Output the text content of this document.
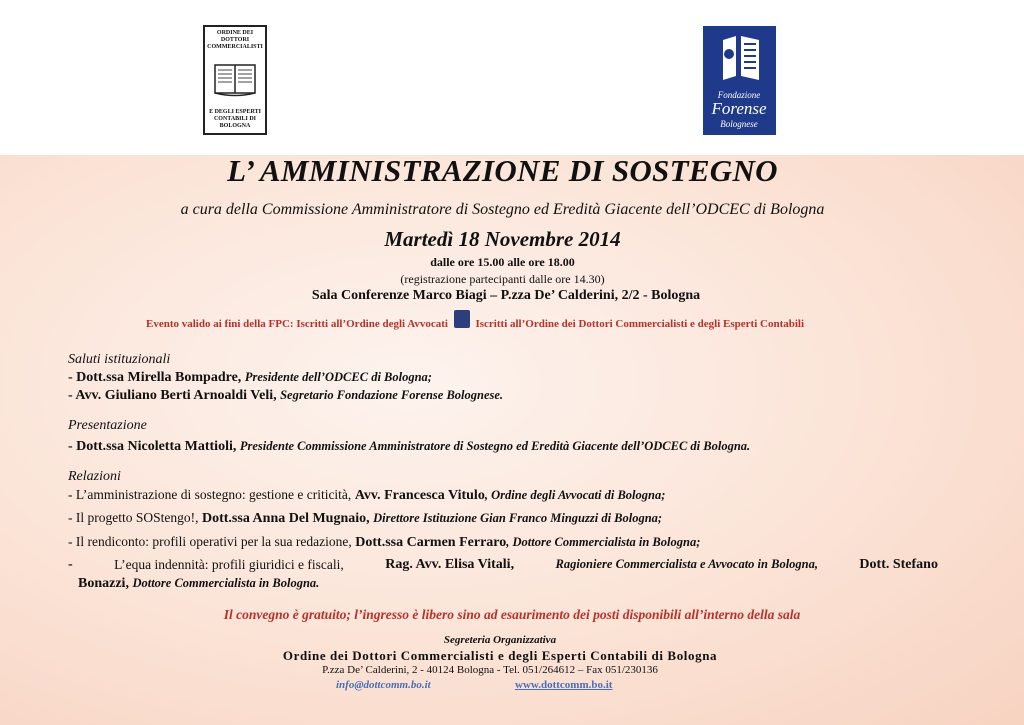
ORDINE DEI DOTTORI COMMERCIALISTI
E DEGLI ESPERTI CONTABILI DI BOLOGNA
Fondazione
Forense
Bolognese
L’ AMMINISTRAZIONE DI SOSTEGNO
a cura della Commissione Amministratore di Sostegno ed Eredità Giacente dell’ODCEC di Bologna
Martedì 18 Novembre 2014
dalle ore 15.00 alle ore 18.00
(registrazione partecipanti dalle ore 14.30)
Sala Conferenze Marco Biagi – P.zza De’ Calderini, 2/2 - Bologna
Evento valido ai fini della FPC: Iscritti all’Ordine degli Avvocati	Iscritti all’Ordine dei Dottori Commercialisti e degli Esperti Contabili
Saluti istituzionali
- Dott.ssa Mirella Bompadre, Presidente dell’ODCEC di Bologna;
- Avv. Giuliano Berti Arnoaldi Veli, Segretario Fondazione Forense Bolognese.
Presentazione
- Dott.ssa Nicoletta Mattioli, Presidente Commissione Amministratore di Sostegno ed Eredità Giacente dell’ODCEC di Bologna.
Relazioni
- L’amministrazione di sostegno: gestione e criticità, Avv. Francesca Vitulo, Ordine degli Avvocati di Bologna;
- Il progetto SOStengo!, Dott.ssa Anna Del Mugnaio, Direttore Istituzione Gian Franco Minguzzi di Bologna;
- Il rendiconto: profili operativi per la sua redazione, Dott.ssa Carmen Ferraro, Dottore Commercialista in Bologna;
-	L’equa indennità: profili giuridici e fiscali,	Rag. Avv. Elisa Vitali,	Ragioniere Commercialista e Avvocato in Bologna,	Dott. Stefano
Bonazzi, Dottore Commercialista in Bologna.
Il convegno è gratuito; l’ingresso è libero sino ad esaurimento dei posti disponibili all’interno della sala
Segreteria Organizzativa
Ordine dei Dottori Commercialisti e degli Esperti Contabili di Bologna
P.zza De’ Calderini, 2 - 40124 Bologna - Tel. 051/264612 – Fax 051/230136
info@dottcomm.bo.it	www.dottcomm.bo.it
